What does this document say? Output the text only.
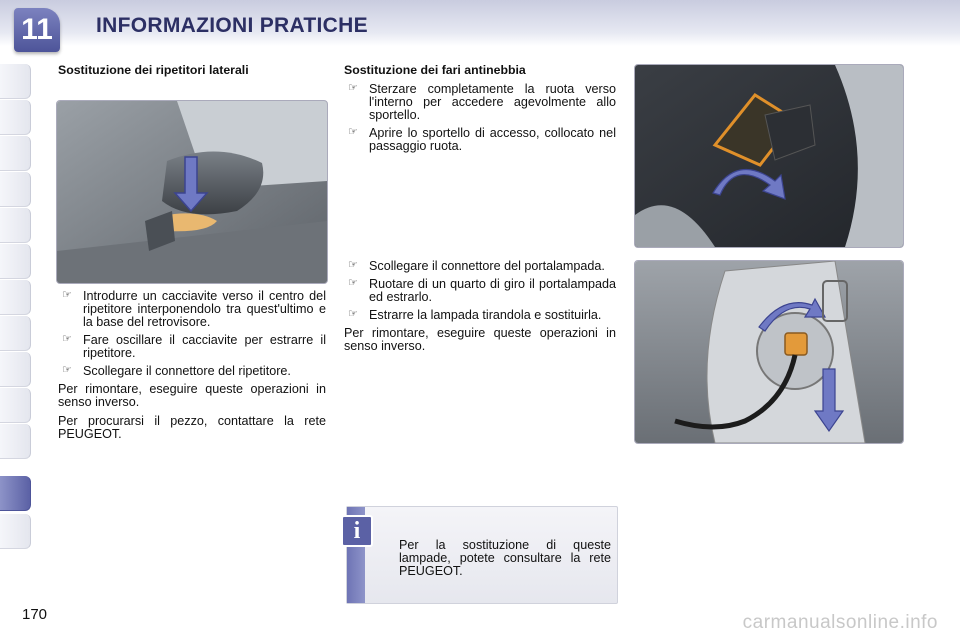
11	INFORMAZIONI PRATICHE
Sostituzione dei ripetitori laterali
☞ Introdurre un cacciavite verso il centro del ripetitore interponendolo tra quest'ultimo e la base del retrovisore.
☞ Fare oscillare il cacciavite per estrarre il ripetitore.
☞ Scollegare il connettore del ripetitore.
Per rimontare, eseguire queste operazioni in senso inverso.
Per procurarsi il pezzo, contattare la rete PEUGEOT.
Sostituzione dei fari antinebbia
☞ Sterzare completamente la ruota verso l'interno per accedere agevolmente allo sportello.
☞ Aprire lo sportello di accesso, collocato nel passaggio ruota.
☞ Scollegare il connettore del portalampada.
☞ Ruotare di un quarto di giro il portalampada ed estrarlo.
☞ Estrarre la lampada tirandola e sostituirla.
Per rimontare, eseguire queste operazioni in senso inverso.
i
Per la sostituzione di queste lampade, potete consultare la rete PEUGEOT.
170	carmanualsonline.info
